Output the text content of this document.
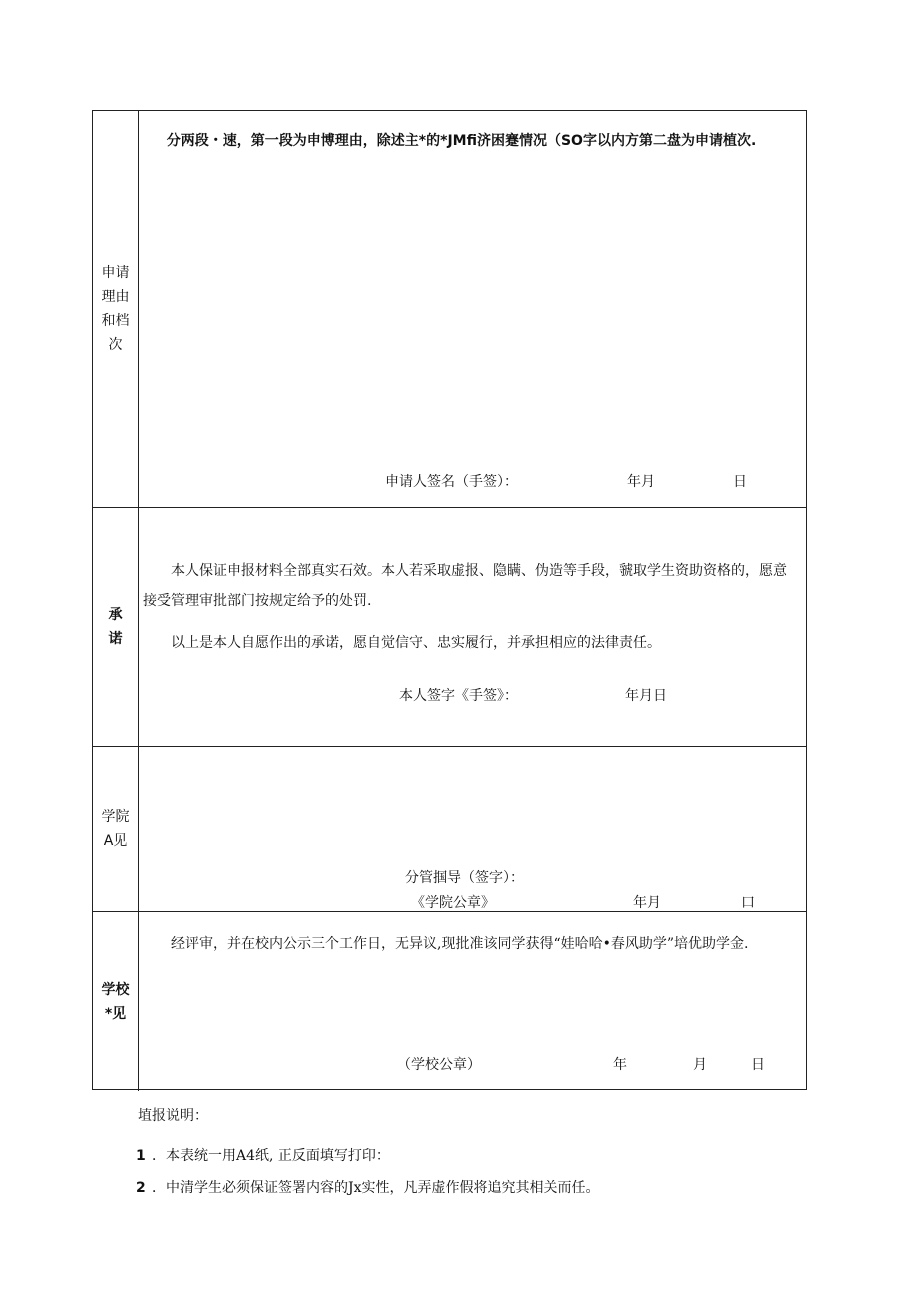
申请理由和档次
分两段・速，第一段为申博理由，除述主*的*JMfi济困蹇情况（SO字以内方第二盘为申请植次.
申请人签名（手签）：	年月	日
承诺
本人保证申报材料全部真实石效。本人若采取虚报、隐瞒、伪造等手段，虢取学生资助资格的，愿意接受管理审批部门按规定给予的处罚.
以上是本人自愿作出的承诺，愿自觉信守、忠实履行，并承担相应的法律责任。
本人签字《手签》：	年月日
学院A见
分管掴导（签字）：
《学院公章》	年月	口
学校*见
经评审，并在校内公示三个工作日，无异议,现批准该同学获得“娃哈哈•春风助学”培优助学金.
（学校公章）	年	月	日
埴报说明：
1 ．本表统一用A4纸, 正反面填写打印：
2 ．中清学生必须保证签署内容的Jx实性，凡弄虚作假将追究其相关而任。
